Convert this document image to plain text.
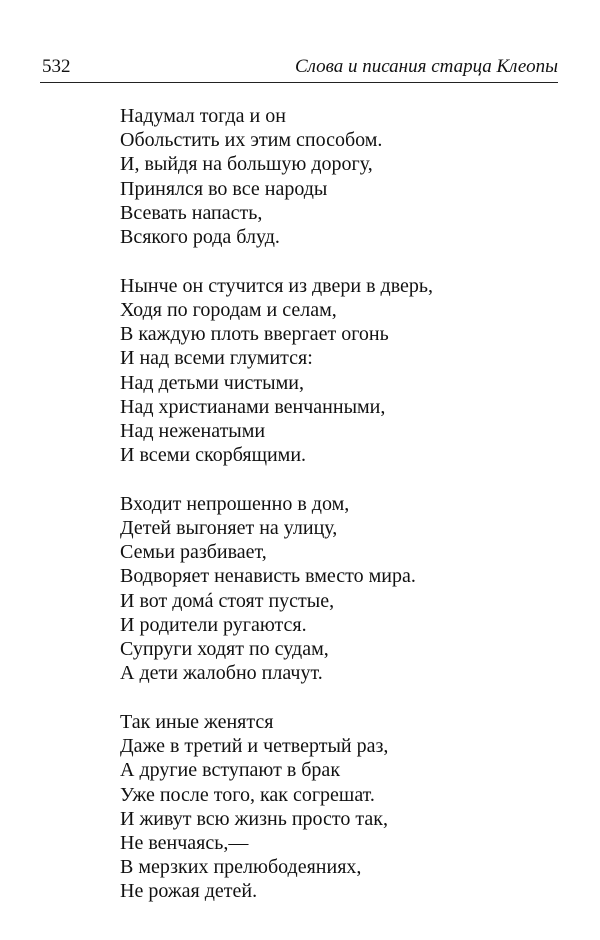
532	Слова и писания старца Клеопы
Надумал тогда и он
Обольстить их этим способом.
И, выйдя на большую дорогу,
Принялся во все народы
Всевать напасть,
Всякого рода блуд.
Нынче он стучится из двери в дверь,
Ходя по городам и селам,
В каждую плоть ввергает огонь
И над всеми глумится:
Над детьми чистыми,
Над христианами венчанными,
Над неженатыми
И всеми скорбящими.
Входит непрошенно в дом,
Детей выгоняет на улицу,
Семьи разбивает,
Водворяет ненависть вместо мира.
И вот домá стоят пустые,
И родители ругаются.
Супруги ходят по судам,
А дети жалобно плачут.
Так иные женятся
Даже в третий и четвертый раз,
А другие вступают в брак
Уже после того, как согрешат.
И живут всю жизнь просто так,
Не венчаясь,—
В мерзких прелюбодеяниях,
Не рожая детей.
